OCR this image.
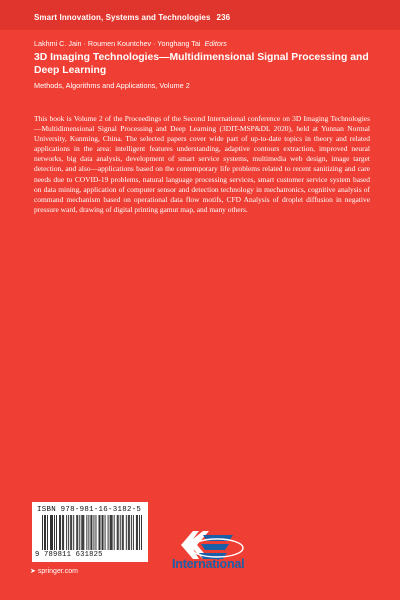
Smart Innovation, Systems and Technologies 236
Lakhmi C. Jain · Roumen Kountchev · Yonghang Tai Editors
3D Imaging Technologies—Multidimensional Signal Processing and Deep Learning
Methods, Algorithms and Applications, Volume 2
This book is Volume 2 of the Proceedings of the Second International conference on 3D Imaging Technologies—Multidimensional Signal Processing and Deep Learning (3DIT-MSP&DL 2020), held at Yunnan Normal University, Kunming, China. The selected papers cover wide part of up-to-date topics in theory and related applications in the area: intelligent features understanding, adaptive contours extraction, improved neural networks, big data analysis, development of smart service systems, multimedia web design, image target detection, and also—applications based on the contemporary life problems related to recent sanitizing and care needs due to COVID-19 problems, natural language processing services, smart customer service system based on data mining, application of computer sensor and detection technology in mechatronics, cognitive analysis of command mechanism based on operational data flow motifs, CFD Analysis of droplet diffusion in negative pressure ward, drawing of digital printing gamut map, and many others.
ISBN 978-981-16-3182-5
9 789811 631825
➤ springer.com
International
